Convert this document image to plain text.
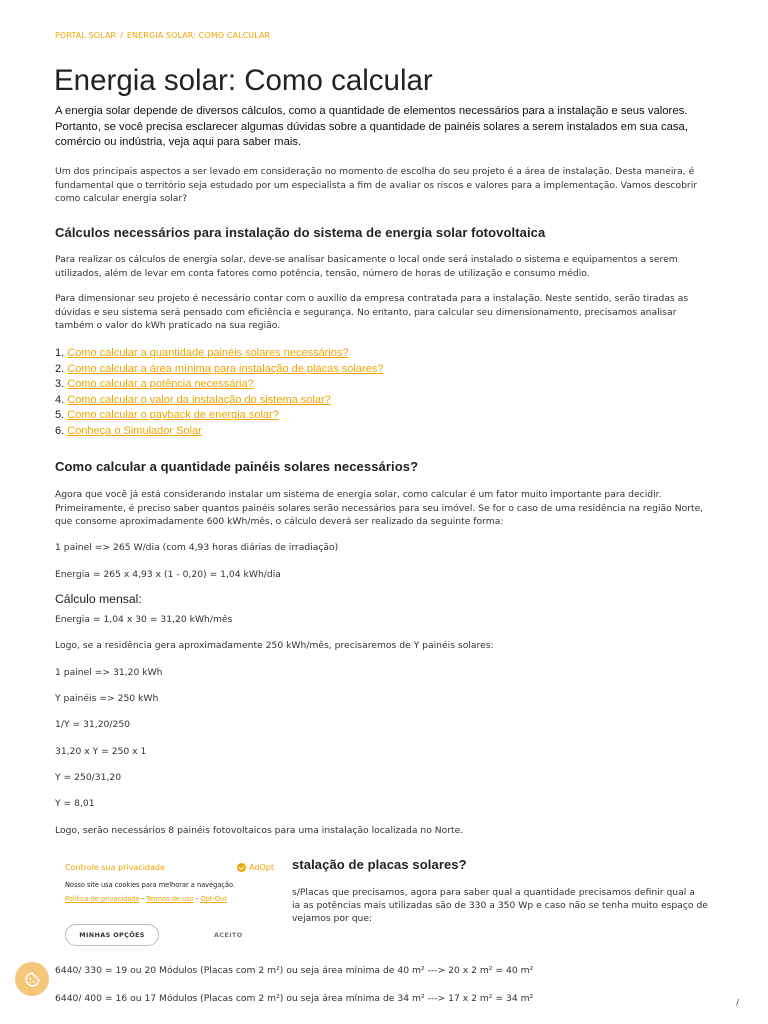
PORTAL SOLAR / ENERGIA SOLAR: COMO CALCULAR
Energia solar: Como calcular

A energia solar depende de diversos cálculos, como a quantidade de elementos necessários para a instalação e seus valores. Portanto, se você precisa esclarecer algumas dúvidas sobre a quantidade de painéis solares a serem instalados em sua casa, comércio ou indústria, veja aqui para saber mais.

Um dos principais aspectos a ser levado em consideração no momento de escolha do seu projeto é a área de instalação. Desta maneira, é fundamental que o território seja estudado por um especialista a fim de avaliar os riscos e valores para a implementação. Vamos descobrir como calcular energia solar?

Cálculos necessários para instalação do sistema de energia solar fotovoltaica

Para realizar os cálculos de energia solar, deve-se analisar basicamente o local onde será instalado o sistema e equipamentos a serem utilizados, além de levar em conta fatores como potência, tensão, número de horas de utilização e consumo médio.

Para dimensionar seu projeto é necessário contar com o auxílio da empresa contratada para a instalação. Neste sentido, serão tiradas as dúvidas e seu sistema será pensado com eficiência e segurança. No entanto, para calcular seu dimensionamento, precisamos analisar também o valor do kWh praticado na sua região.

1. Como calcular a quantidade painéis solares necessários?
2. Como calcular a área mínima para instalação de placas solares?
3. Como calcular a potência necessária?
4. Como calcular o valor da instalação do sistema solar?
5. Como calcular o payback de energia solar?
6. Conheça o Simulador Solar
Como calcular a quantidade painéis solares necessários?

Agora que você já está considerando instalar um sistema de energia solar, como calcular é um fator muito importante para decidir. Primeiramente, é preciso saber quantos painéis solares serão necessários para seu imóvel. Se for o caso de uma residência na região Norte, que consome aproximadamente 600 kWh/mês, o cálculo deverá ser realizado da seguinte forma:

1 painel => 265 W/dia (com 4,93 horas diárias de irradiação)

Energia = 265 x 4,93 x (1 - 0,20) = 1,04 kWh/dia

Cálculo mensal:

Energia = 1,04 x 30 = 31,20 kWh/mês

Logo, se a residência gera aproximadamente 250 kWh/mês, precisaremos de Y painéis solares:

1 painel => 31,20 kWh

Y painéis => 250 kWh

1/Y = 31,20/250

31,20 x Y = 250 x 1

Y = 250/31,20

Y = 8,01

Logo, serão necessários 8 painéis fotovoltaicos para uma instalação localizada no Norte.

stalação de placas solares?

s/Placas que precisamos, agora para saber qual a quantidade precisamos definir qual a

ia as potências mais utilizadas são de 330 a 350 Wp e caso não se tenha muito espaço de

vejamos por que:

6440/ 330 = 19 ou 20 Módulos (Placas com 2 m²) ou seja área mínima de 40 m² ---> 20 x 2 m² = 40 m²

6440/ 400 = 16 ou 17 Módulos (Placas com 2 m²) ou seja área mínima de 34 m² ---> 17 x 2 m² = 34 m²

Controle sua privacidade	AdOpt
Nosso site usa cookies para melhorar a navegação.
Política de privacidade - Termos de uso - Opt-Out
MINHAS OPÇÕES	ACEITO
/
